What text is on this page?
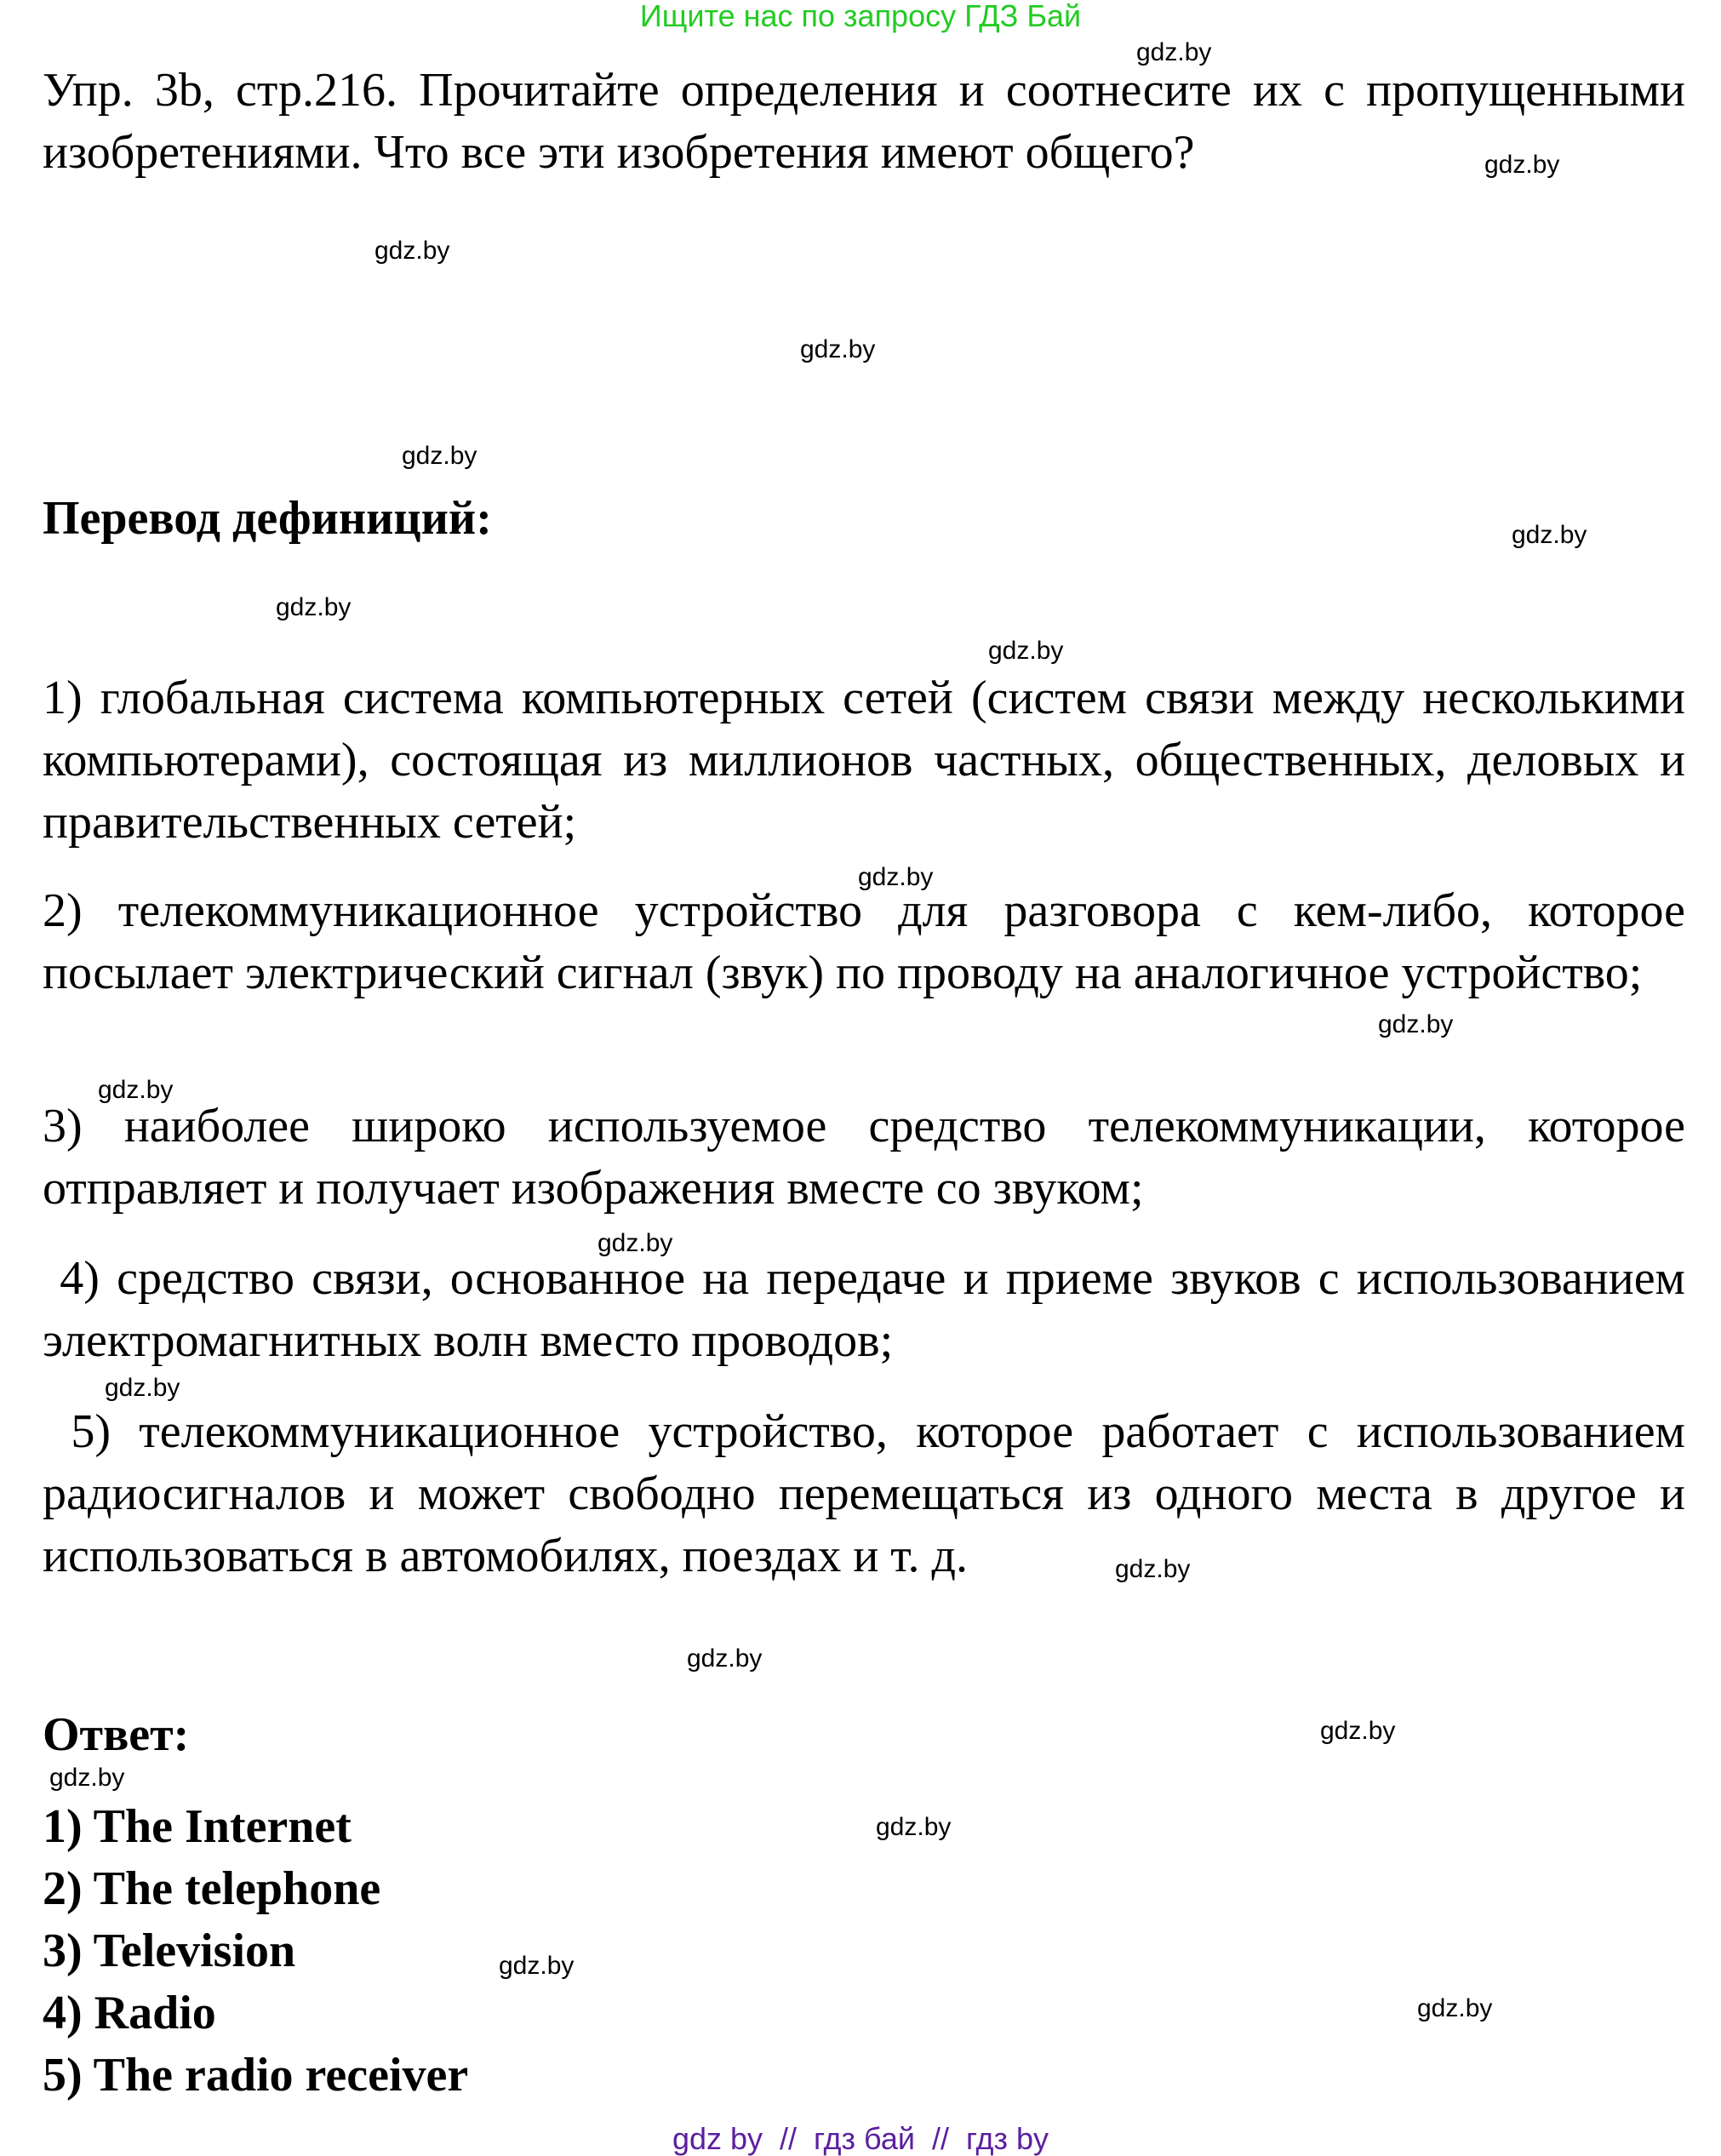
Ищите нас по запросу ГДЗ Бай
Упр. 3b, стр.216. Прочитайте определения и соотнесите их с пропущенными изобретениями. Что все эти изобретения имеют общего?
Перевод дефиниций:
1) глобальная система компьютерных сетей (систем связи между несколькими компьютерами), состоящая из миллионов частных, общественных, деловых и правительственных сетей;
2) телекоммуникационное устройство для разговора с кем-либо, которое посылает электрический сигнал (звук) по проводу на аналогичное устройство;
3) наиболее широко используемое средство телекоммуникации, которое отправляет и получает изображения вместе со звуком;
4) средство связи, основанное на передаче и приеме звуков с использованием электромагнитных волн вместо проводов;
5) телекоммуникационное устройство, которое работает с использованием радиосигналов и может свободно перемещаться из одного места в другое и использоваться в автомобилях, поездах и т. д.
Ответ:
1) The Internet
2) The telephone
3) Television
4) Radio
5) The radio receiver
gdz.by
gdz.by
gdz.by
gdz.by
gdz.by
gdz.by
gdz.by
gdz.by
gdz.by
gdz.by
gdz.by
gdz.by
gdz.by
gdz.by
gdz.by
gdz.by
gdz.by
gdz.by
gdz.by
gdz.by
gdz by  //  гдз бай  //  гдз by
